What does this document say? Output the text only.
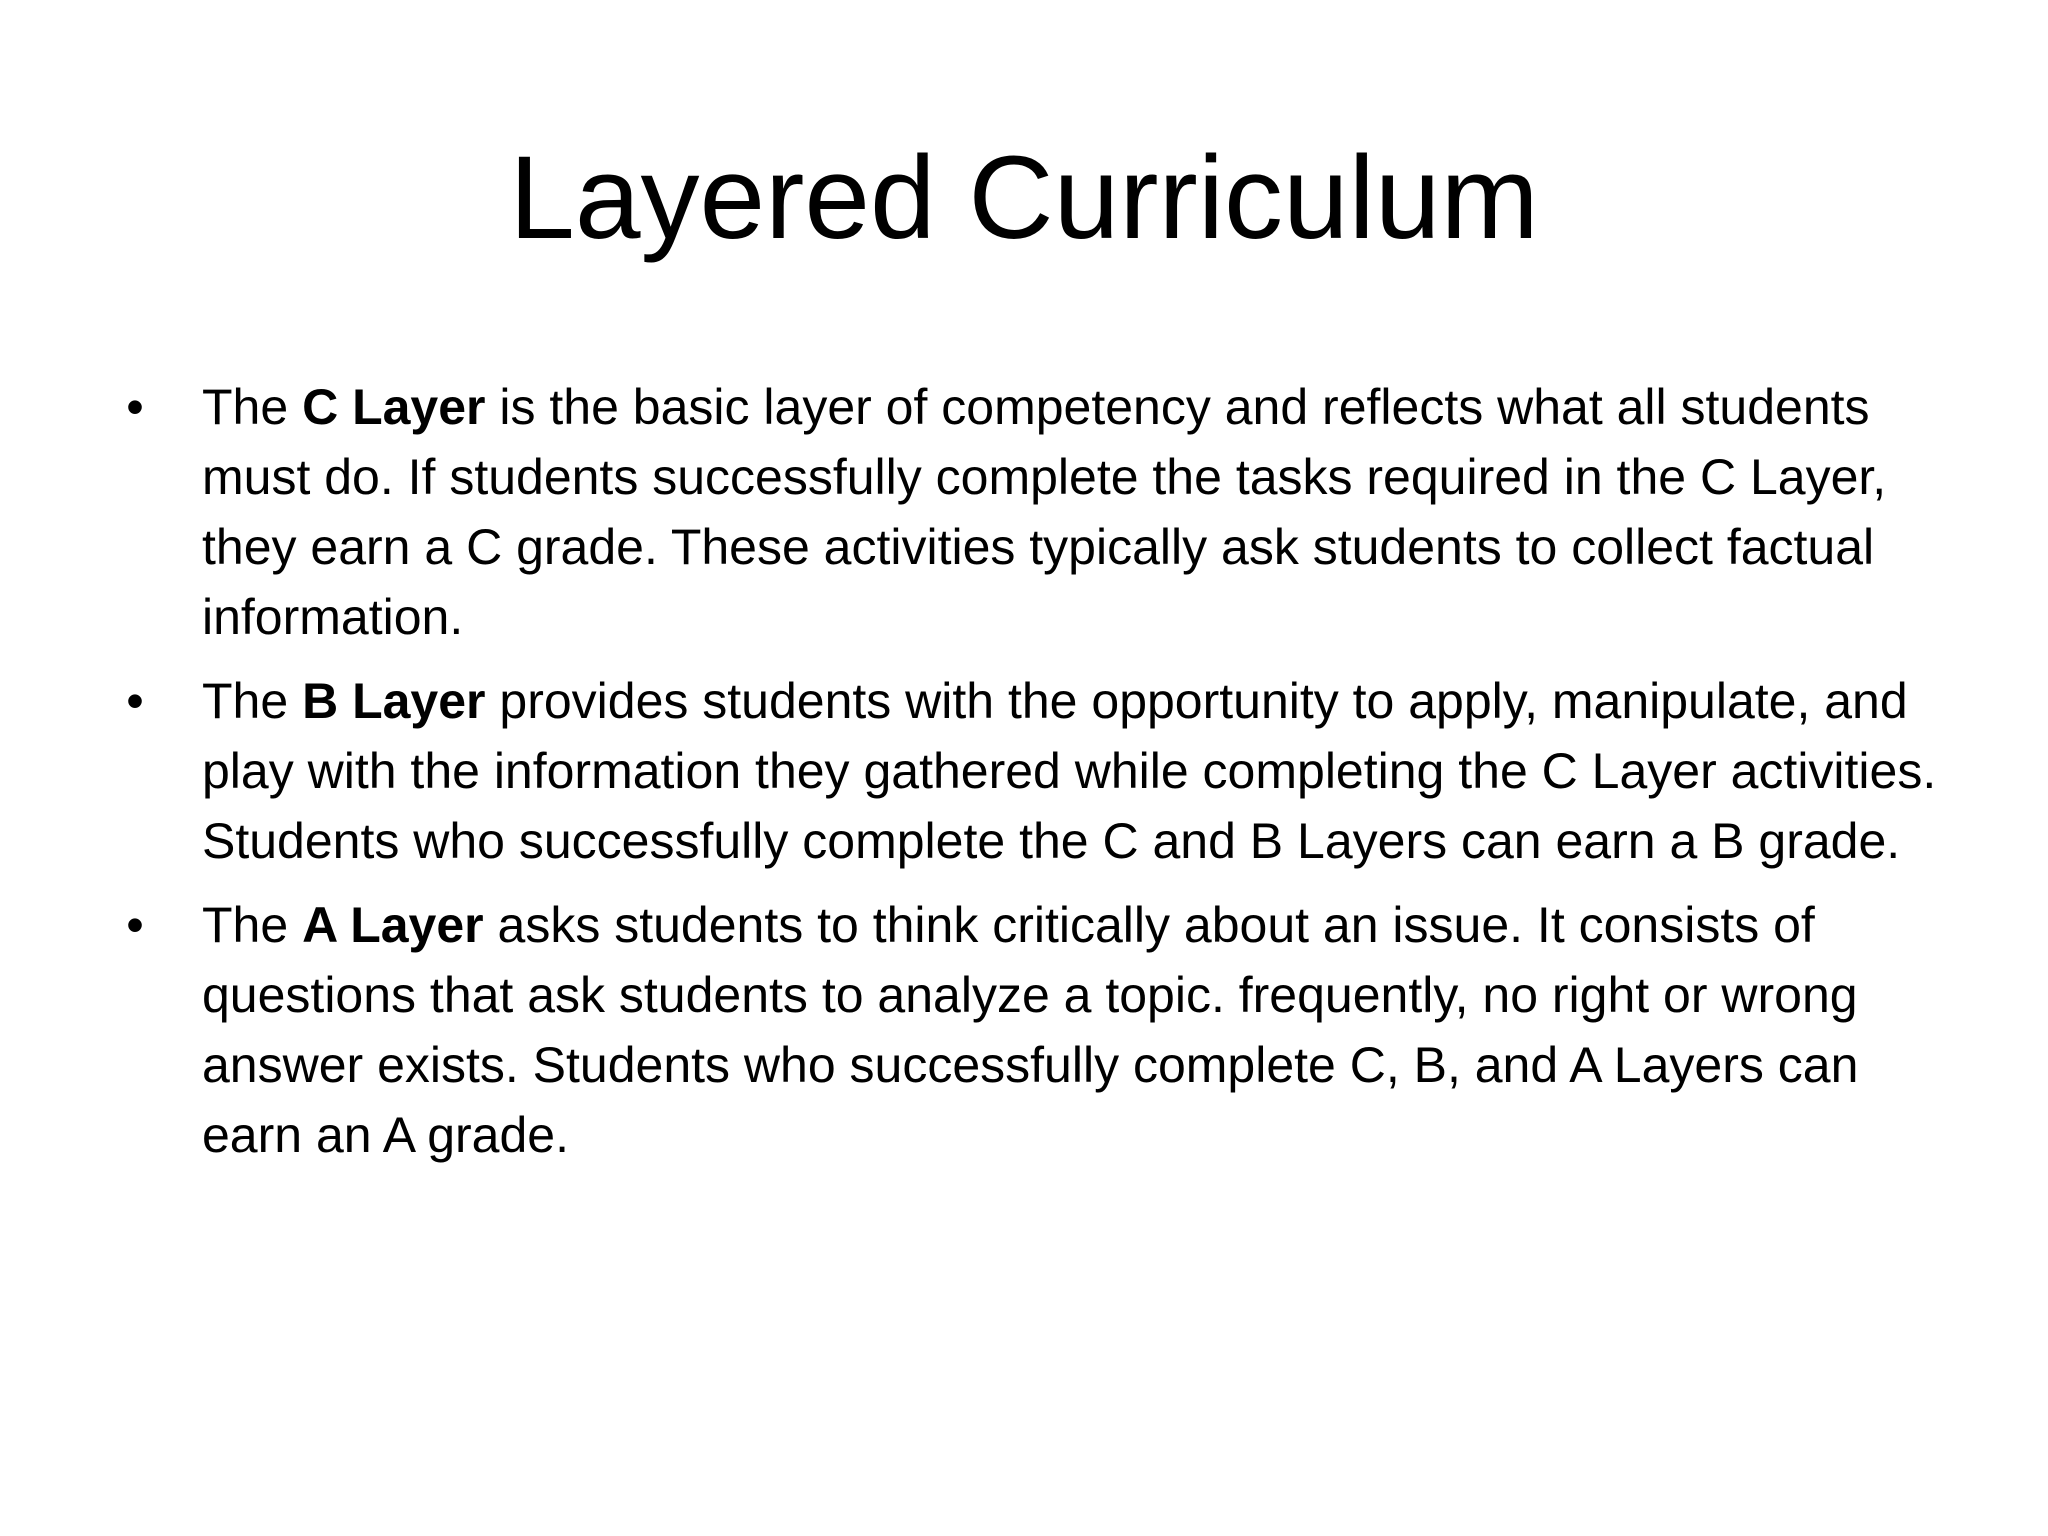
Layered Curriculum
• The C Layer is the basic layer of competency and reflects what all students must do. If students successfully complete the tasks required in the C Layer, they earn a C grade. These activities typically ask students to collect factual information.
• The B Layer provides students with the opportunity to apply, manipulate, and play with the information they gathered while completing the C Layer activities. Students who successfully complete the C and B Layers can earn a B grade.
• The A Layer asks students to think critically about an issue. It consists of questions that ask students to analyze a topic. frequently, no right or wrong answer exists. Students who successfully complete C, B, and A Layers can earn an A grade.
